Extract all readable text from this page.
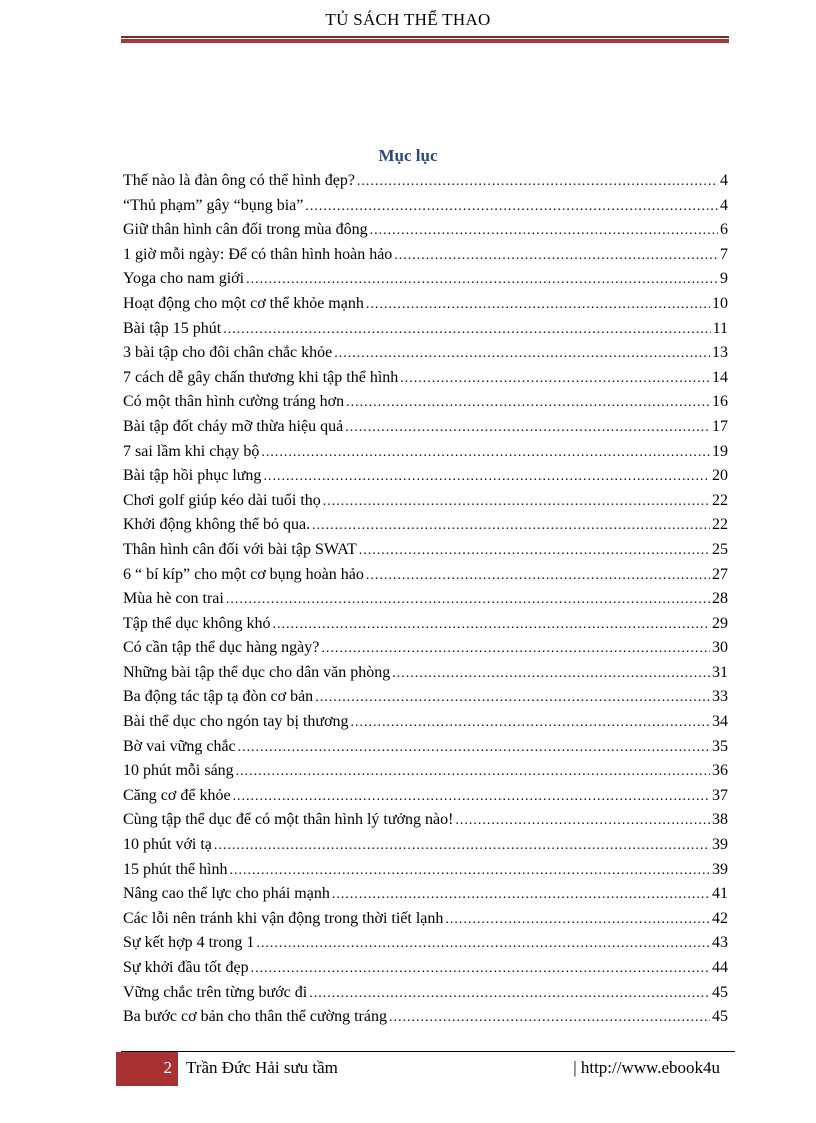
TỦ SÁCH THỂ THAO
Mục lục
Thế nào là đàn ông có thể hình đẹp? .....	4
“Thủ phạm” gây “bụng bia” .....	4
Giữ thân hình cân đối trong mùa đông .....	6
1 giờ mỗi ngày: Để có thân hình hoàn hảo .....	7
Yoga cho nam giới .....	9
Hoạt động cho một cơ thể khỏe mạnh .....	10
Bài tập 15 phút .....	11
3 bài tập cho đôi chân chắc khỏe .....	13
7 cách dễ gây chấn thương khi tập thể hình .....	14
Có một thân hình cường tráng hơn .....	16
Bài tập đốt cháy mỡ thừa hiệu quả .....	17
7 sai lầm khi chạy bộ .....	19
Bài tập hồi phục lưng .....	20
Chơi golf giúp kéo dài tuổi thọ .....	22
Khởi động không thể bỏ qua. .....	22
Thân hình cân đối với bài tập SWAT .....	25
6 “ bí kíp” cho một cơ bụng hoàn hảo .....	27
Mùa hè con trai .....	28
Tập thể dục không khó .....	29
Có cần tập thể dục hàng ngày? .....	30
Những bài tập thể dục cho dân văn phòng .....	31
Ba động tác tập tạ đòn cơ bản .....	33
Bài thể dục cho ngón tay bị thương .....	34
Bờ vai vững chắc .....	35
10 phút mỗi sáng .....	36
Căng cơ để khỏe .....	37
Cùng tập thể dục để có một thân hình lý tưởng nào! .....	38
10 phút với tạ .....	39
15 phút thể hình .....	39
Nâng cao thể lực cho phái mạnh .....	41
Các lỗi nên tránh khi vận động trong thời tiết lạnh .....	42
Sự kết hợp 4 trong 1 .....	43
Sự khởi đầu tốt đẹp .....	44
Vững chắc trên từng bước đi .....	45
Ba bước cơ bản cho thân thể cường tráng .....	45
2 Trần Đức Hải sưu tầm	| http://www.ebook4u
